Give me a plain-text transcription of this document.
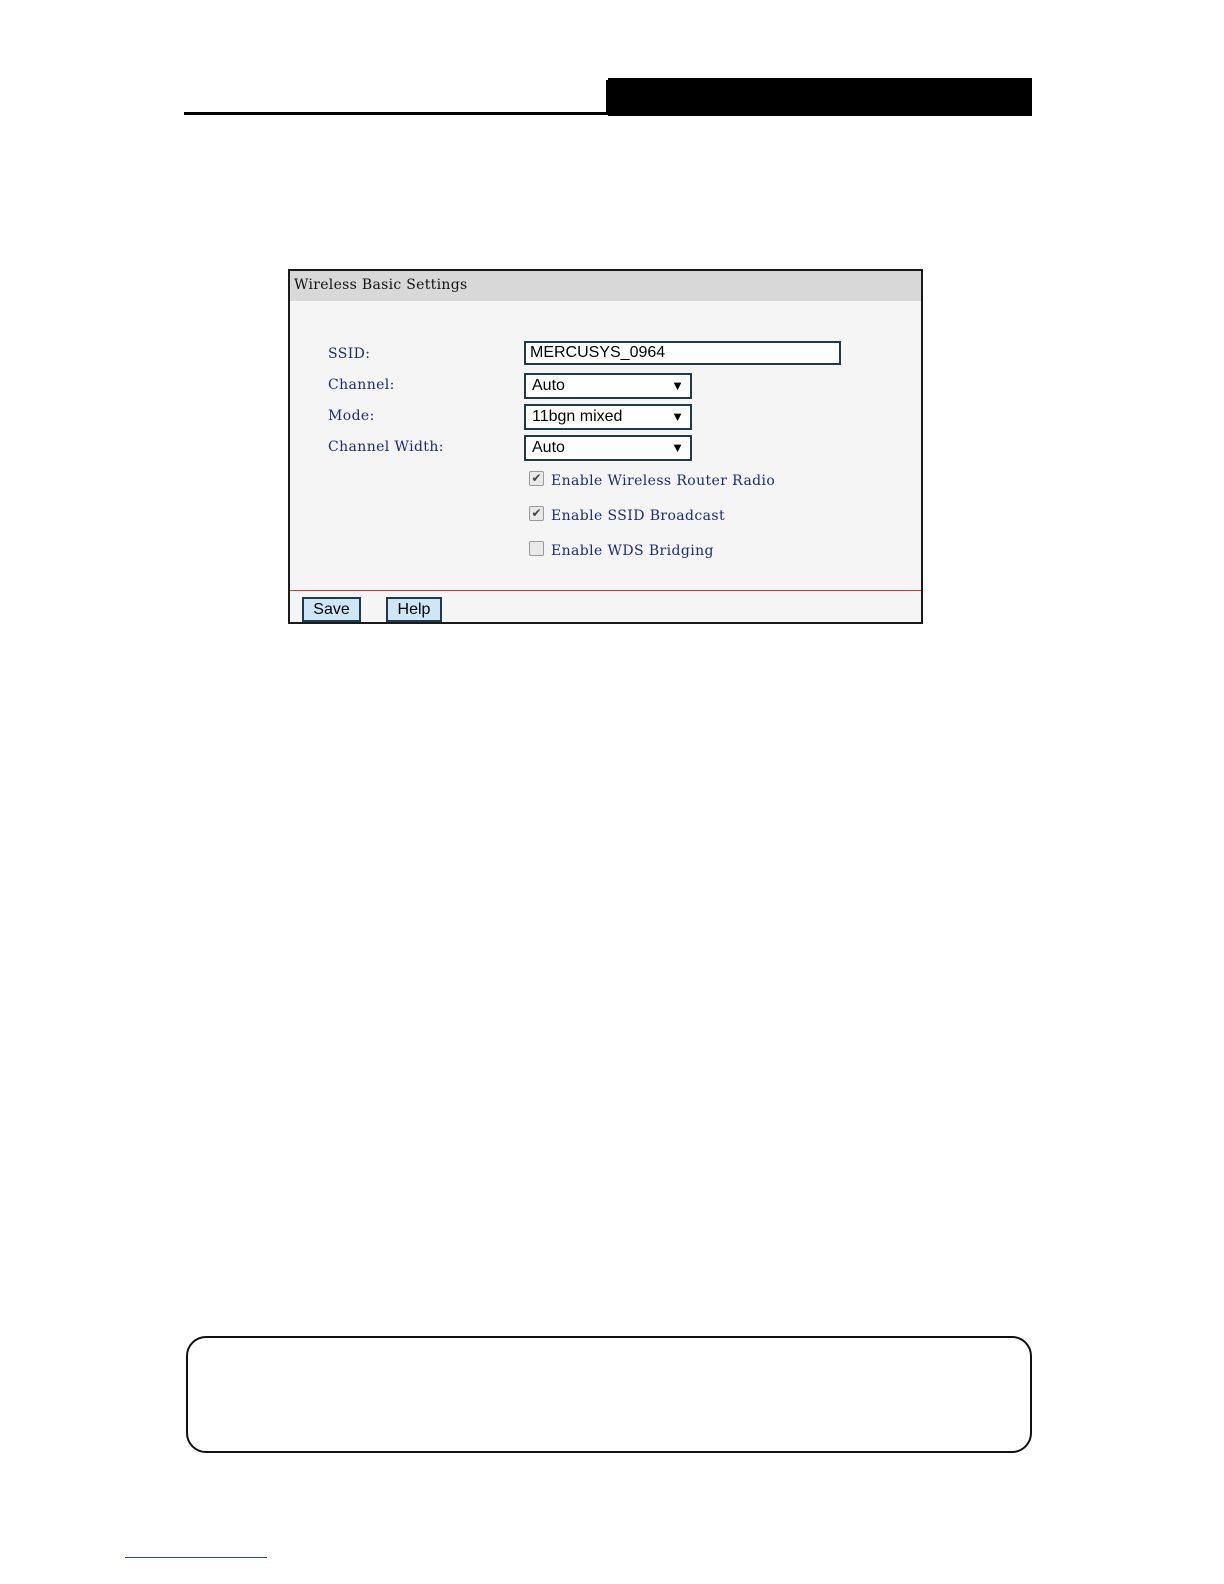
Wireless Basic Settings
SSID:
MERCUSYS_0964
Channel:	Auto	▼
Mode:	11bgn mixed	▼
Channel Width:	Auto	▼
✔ Enable Wireless Router Radio
✔ Enable SSID Broadcast
Enable WDS Bridging
Save	Help
